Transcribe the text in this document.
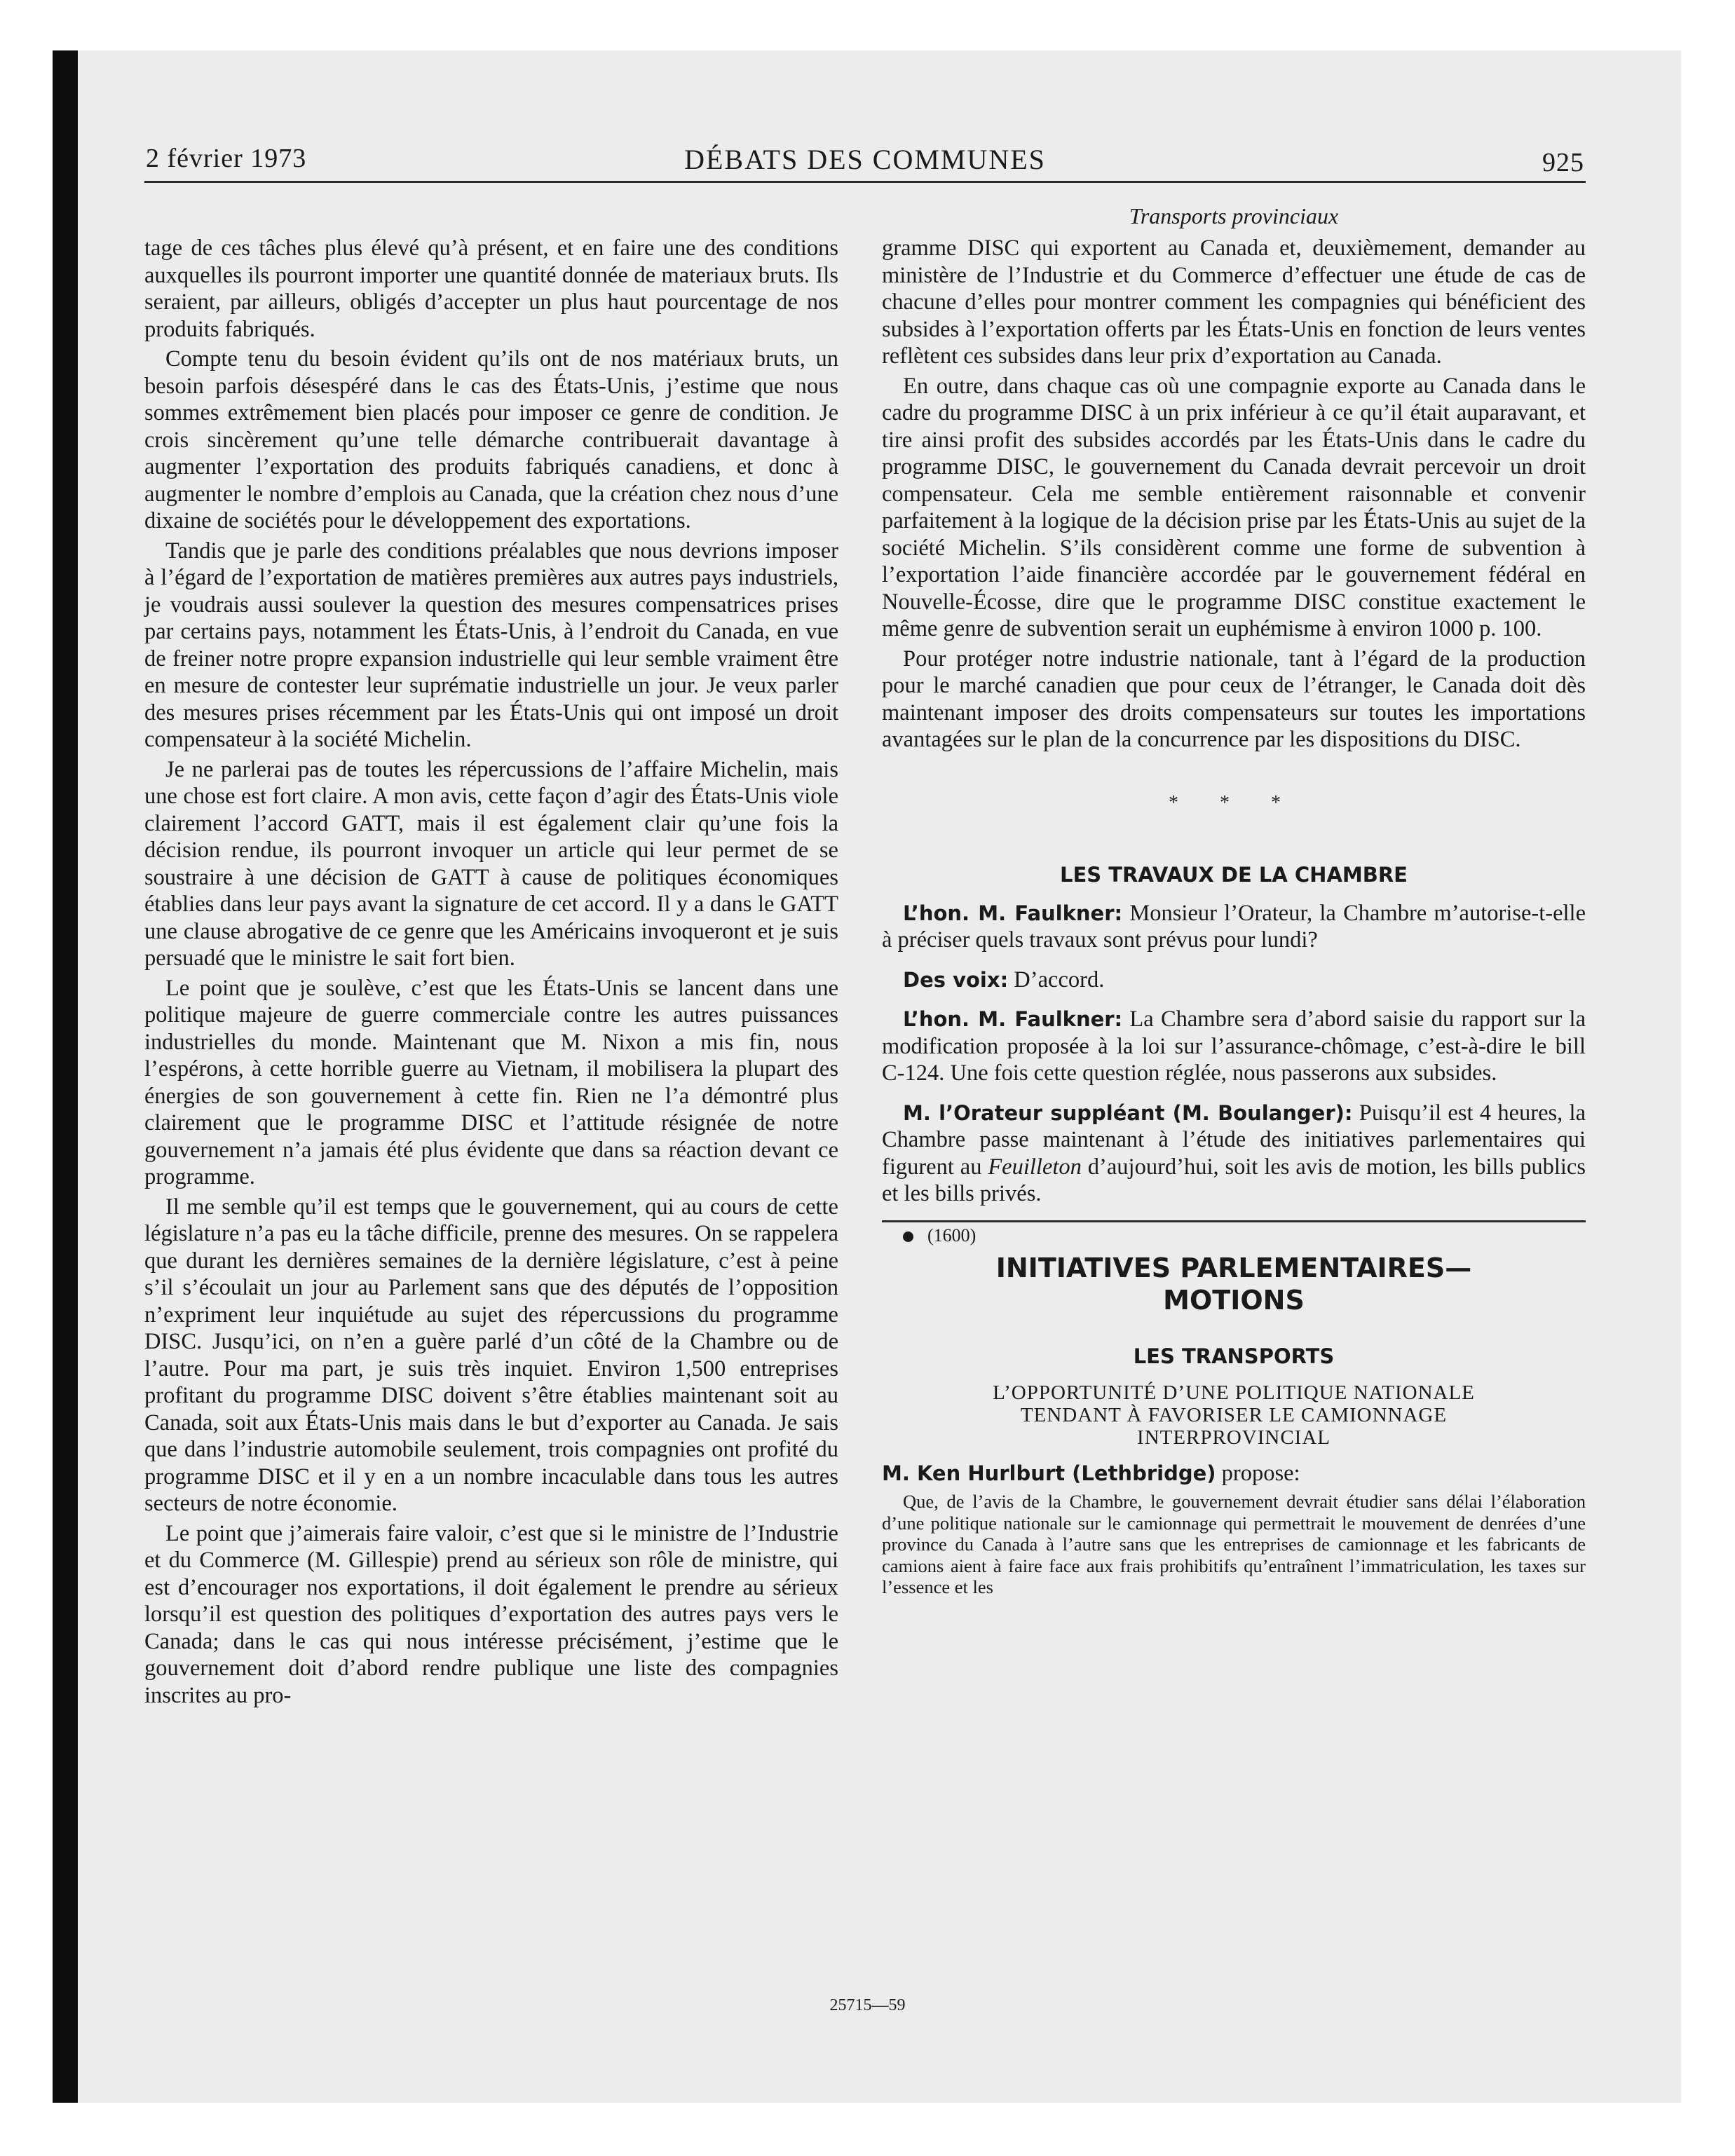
2 février 1973	DÉBATS DES COMMUNES	925
Transports provinciaux

tage de ces tâches plus élevé qu’à présent, et en faire une des conditions auxquelles ils pourront importer une quantité donnée de materiaux bruts. Ils seraient, par ailleurs, obligés d’accepter un plus haut pourcentage de nos produits fabriqués.

Compte tenu du besoin évident qu’ils ont de nos matériaux bruts, un besoin parfois désespéré dans le cas des États-Unis, j’estime que nous sommes extrêmement bien placés pour imposer ce genre de condition. Je crois sincèrement qu’une telle démarche contribuerait davantage à augmenter l’exportation des produits fabriqués canadiens, et donc à augmenter le nombre d’emplois au Canada, que la création chez nous d’une dixaine de sociétés pour le développement des exportations.

Tandis que je parle des conditions préalables que nous devrions imposer à l’égard de l’exportation de matières premières aux autres pays industriels, je voudrais aussi soulever la question des mesures compensatrices prises par certains pays, notamment les États-Unis, à l’endroit du Canada, en vue de freiner notre propre expansion industrielle qui leur semble vraiment être en mesure de contester leur suprématie industrielle un jour. Je veux parler des mesures prises récemment par les États-Unis qui ont imposé un droit compensateur à la société Michelin.

Je ne parlerai pas de toutes les répercussions de l’affaire Michelin, mais une chose est fort claire. A mon avis, cette façon d’agir des États-Unis viole clairement l’accord GATT, mais il est également clair qu’une fois la décision rendue, ils pourront invoquer un article qui leur permet de se soustraire à une décision de GATT à cause de politiques économiques établies dans leur pays avant la signature de cet accord. Il y a dans le GATT une clause abrogative de ce genre que les Américains invoqueront et je suis persuadé que le ministre le sait fort bien.

Le point que je soulève, c’est que les États-Unis se lancent dans une politique majeure de guerre commerciale contre les autres puissances industrielles du monde. Maintenant que M. Nixon a mis fin, nous l’espérons, à cette horrible guerre au Vietnam, il mobilisera la plupart des énergies de son gouvernement à cette fin. Rien ne l’a démontré plus clairement que le programme DISC et l’attitude résignée de notre gouvernement n’a jamais été plus évidente que dans sa réaction devant ce programme.

Il me semble qu’il est temps que le gouvernement, qui au cours de cette législature n’a pas eu la tâche difficile, prenne des mesures. On se rappelera que durant les dernières semaines de la dernière législature, c’est à peine s’il s’écoulait un jour au Parlement sans que des députés de l’opposition n’expriment leur inquiétude au sujet des répercussions du programme DISC. Jusqu’ici, on n’en a guère parlé d’un côté de la Chambre ou de l’autre. Pour ma part, je suis très inquiet. Environ 1,500 entreprises profitant du programme DISC doivent s’être établies maintenant soit au Canada, soit aux États-Unis mais dans le but d’exporter au Canada. Je sais que dans l’industrie automobile seulement, trois compagnies ont profité du programme DISC et il y en a un nombre incaculable dans tous les autres secteurs de notre économie.

Le point que j’aimerais faire valoir, c’est que si le ministre de l’Industrie et du Commerce (M. Gillespie) prend au sérieux son rôle de ministre, qui est d’encourager nos exportations, il doit également le prendre au sérieux lorsqu’il est question des politiques d’exportation des autres pays vers le Canada; dans le cas qui nous intéresse précisément, j’estime que le gouvernement doit d’abord rendre publique une liste des compagnies inscrites au pro-

gramme DISC qui exportent au Canada et, deuxièmement, demander au ministère de l’Industrie et du Commerce d’effectuer une étude de cas de chacune d’elles pour montrer comment les compagnies qui bénéficient des subsides à l’exportation offerts par les États-Unis en fonction de leurs ventes reflètent ces subsides dans leur prix d’exportation au Canada.

En outre, dans chaque cas où une compagnie exporte au Canada dans le cadre du programme DISC à un prix inférieur à ce qu’il était auparavant, et tire ainsi profit des subsides accordés par les États-Unis dans le cadre du programme DISC, le gouvernement du Canada devrait percevoir un droit compensateur. Cela me semble entièrement raisonnable et convenir parfaitement à la logique de la décision prise par les États-Unis au sujet de la société Michelin. S’ils considèrent comme une forme de subvention à l’exportation l’aide financière accordée par le gouvernement fédéral en Nouvelle-Écosse, dire que le programme DISC constitue exactement le même genre de subvention serait un euphémisme à environ 1000 p. 100.

Pour protéger notre industrie nationale, tant à l’égard de la production pour le marché canadien que pour ceux de l’étranger, le Canada doit dès maintenant imposer des droits compensateurs sur toutes les importations avantagées sur le plan de la concurrence par les dispositions du DISC.

* * *
LES TRAVAUX DE LA CHAMBRE

L’hon. M. Faulkner: Monsieur l’Orateur, la Chambre m’autorise-t-elle à préciser quels travaux sont prévus pour lundi?

Des voix: D’accord.

L’hon. M. Faulkner: La Chambre sera d’abord saisie du rapport sur la modification proposée à la loi sur l’assurance-chômage, c’est-à-dire le bill C-124. Une fois cette question réglée, nous passerons aux subsides.

M. l’Orateur suppléant (M. Boulanger): Puisqu’il est 4 heures, la Chambre passe maintenant à l’étude des initiatives parlementaires qui figurent au Feuilleton d’aujourd’hui, soit les avis de motion, les bills publics et les bills privés.

(1600)

INITIATIVES PARLEMENTAIRES—
MOTIONS
LES TRANSPORTS
L’OPPORTUNITÉ D’UNE POLITIQUE NATIONALE
TENDANT À FAVORISER LE CAMIONNAGE
INTERPROVINCIAL

M. Ken Hurlburt (Lethbridge) propose:

Que, de l’avis de la Chambre, le gouvernement devrait étudier sans délai l’élaboration d’une politique nationale sur le camionnage qui permettrait le mouvement de denrées d’une province du Canada à l’autre sans que les entreprises de camionnage et les fabricants de camions aient à faire face aux frais prohibitifs qu’entraînent l’immatriculation, les taxes sur l’essence et les

25715—59
